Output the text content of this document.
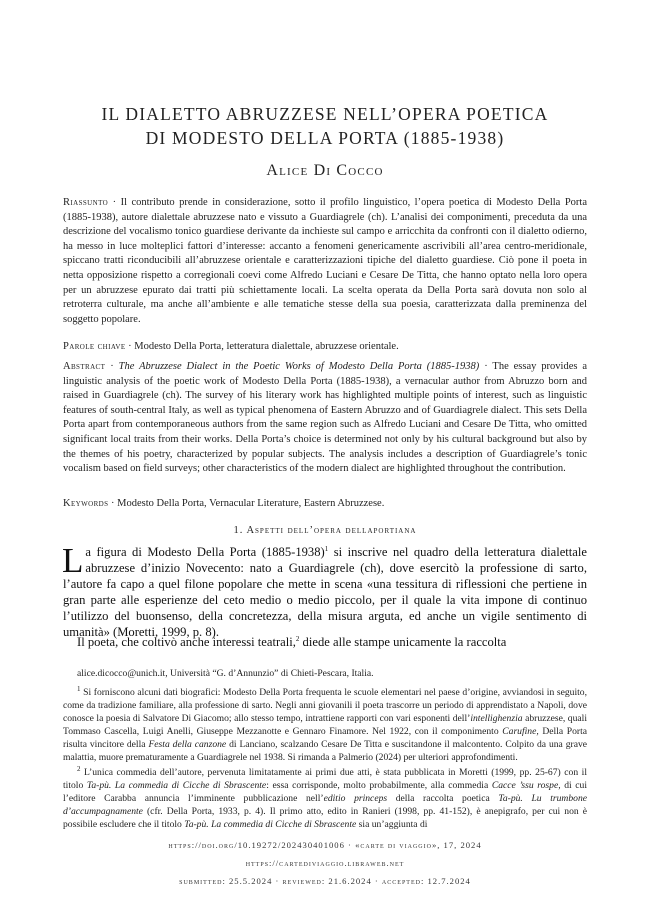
IL DIALETTO ABRUZZESE NELL’OPERA POETICA
DI MODESTO DELLA PORTA (1885-1938)
Alice Di Cocco
Riassunto · Il contributo prende in considerazione, sotto il profilo linguistico, l’opera poetica di Modesto Della Porta (1885-1938), autore dialettale abruzzese nato e vissuto a Guardiagrele (ch). L’analisi dei componimenti, preceduta da una descrizione del vocalismo tonico guardiese derivante da inchieste sul campo e arricchita da confronti con il dialetto odierno, ha messo in luce molteplici fattori d’interesse: accanto a fenomeni genericamente ascrivibili all’area centro-meridionale, spiccano tratti riconducibili all’abruzzese orientale e caratterizzazioni tipiche del dialetto guardiese. Ciò pone il poeta in netta opposizione rispetto a corregionali coevi come Alfredo Luciani e Cesare De Titta, che hanno optato nella loro opera per un abruzzese epurato dai tratti più schiettamente locali. La scelta operata da Della Porta sarà dovuta non solo al retroterra culturale, ma anche all’ambiente e alle tematiche stesse della sua poesia, caratterizzata dalla preminenza del soggetto popolare.
Parole chiave · Modesto Della Porta, letteratura dialettale, abruzzese orientale.
Abstract · The Abruzzese Dialect in the Poetic Works of Modesto Della Porta (1885-1938) · The essay provides a linguistic analysis of the poetic work of Modesto Della Porta (1885-1938), a vernacular author from Abruzzo born and raised in Guardiagrele (ch). The survey of his literary work has highlighted multiple points of interest, such as linguistic features of south-central Italy, as well as typical phenomena of Eastern Abruzzo and of Guardiagrele dialect. This sets Della Porta apart from contemporaneous authors from the same region such as Alfredo Luciani and Cesare De Titta, who omitted significant local traits from their works. Della Porta’s choice is determined not only by his cultural background but also by the themes of his poetry, characterized by popular subjects. The analysis includes a description of Guardiagrele’s tonic vocalism based on field surveys; other characteristics of the modern dialect are highlighted throughout the contribution.
Keywords · Modesto Della Porta, Vernacular Literature, Eastern Abruzzese.
1. Aspetti dell’opera dellaportiana
La figura di Modesto Della Porta (1885-1938)$^1$ si inscrive nel quadro della letteratura dialettale abruzzese d’inizio Novecento: nato a Guardiagrele (ch), dove esercitò la professione di sarto, l’autore fa capo a quel filone popolare che mette in scena «una tessitura di riflessioni che pertiene in gran parte alle esperienze del ceto medio o medio piccolo, per il quale la vita impone di continuo l’utilizzo del buonsenso, della concretezza, della misura arguta, ed anche un vigile sentimento di umanità» (Moretti, 1999, p. 8).
Il poeta, che coltivò anche interessi teatrali,$^2$ diede alle stampe unicamente la raccolta
alice.dicocco@unich.it, Università “G. d’Annunzio” di Chieti-Pescara, Italia.
$^1$ Si forniscono alcuni dati biografici: Modesto Della Porta frequenta le scuole elementari nel paese d’origine, avviandosi in seguito, come da tradizione familiare, alla professione di sarto. Negli anni giovanili il poeta trascorre un periodo di apprendistato a Napoli, dove conosce la poesia di Salvatore Di Giacomo; allo stesso tempo, intrattiene rapporti con vari esponenti dell’intellighenzia abruzzese, quali Tommaso Cascella, Luigi Anelli, Giuseppe Mezzanotte e Gennaro Finamore. Nel 1922, con il componimento Carufine, Della Porta risulta vincitore della Festa della canzone di Lanciano, scalzando Cesare De Titta e suscitandone il malcontento. Colpito da una grave malattia, muore prematuramente a Guardiagrele nel 1938. Si rimanda a Palmerio (2024) per ulteriori approfondimenti.
$^2$ L’unica commedia dell’autore, pervenuta limitatamente ai primi due atti, è stata pubblicata in Moretti (1999, pp. 25-67) con il titolo Ta-pù. La commedia di Cicche di Sbrascente: essa corrisponde, molto probabilmente, alla commedia Cacce ’ssu rospe, di cui l’editore Carabba annuncia l’imminente pubblicazione nell’editio princeps della raccolta poetica Ta-pù. Lu trumbone d’accumpagnamente (cfr. Della Porta, 1933, p. 4). Il primo atto, edito in Ranieri (1998, pp. 41-152), è anepigrafo, per cui non è possibile escludere che il titolo Ta-pù. La commedia di Cicche di Sbrascente sia un’aggiunta di
https://doi.org/10.19272/202430401006 · «carte di viaggio», 17, 2024
https://cartediviaggio.libraweb.net
submitted: 25.5.2024 · reviewed: 21.6.2024 · accepted: 12.7.2024
